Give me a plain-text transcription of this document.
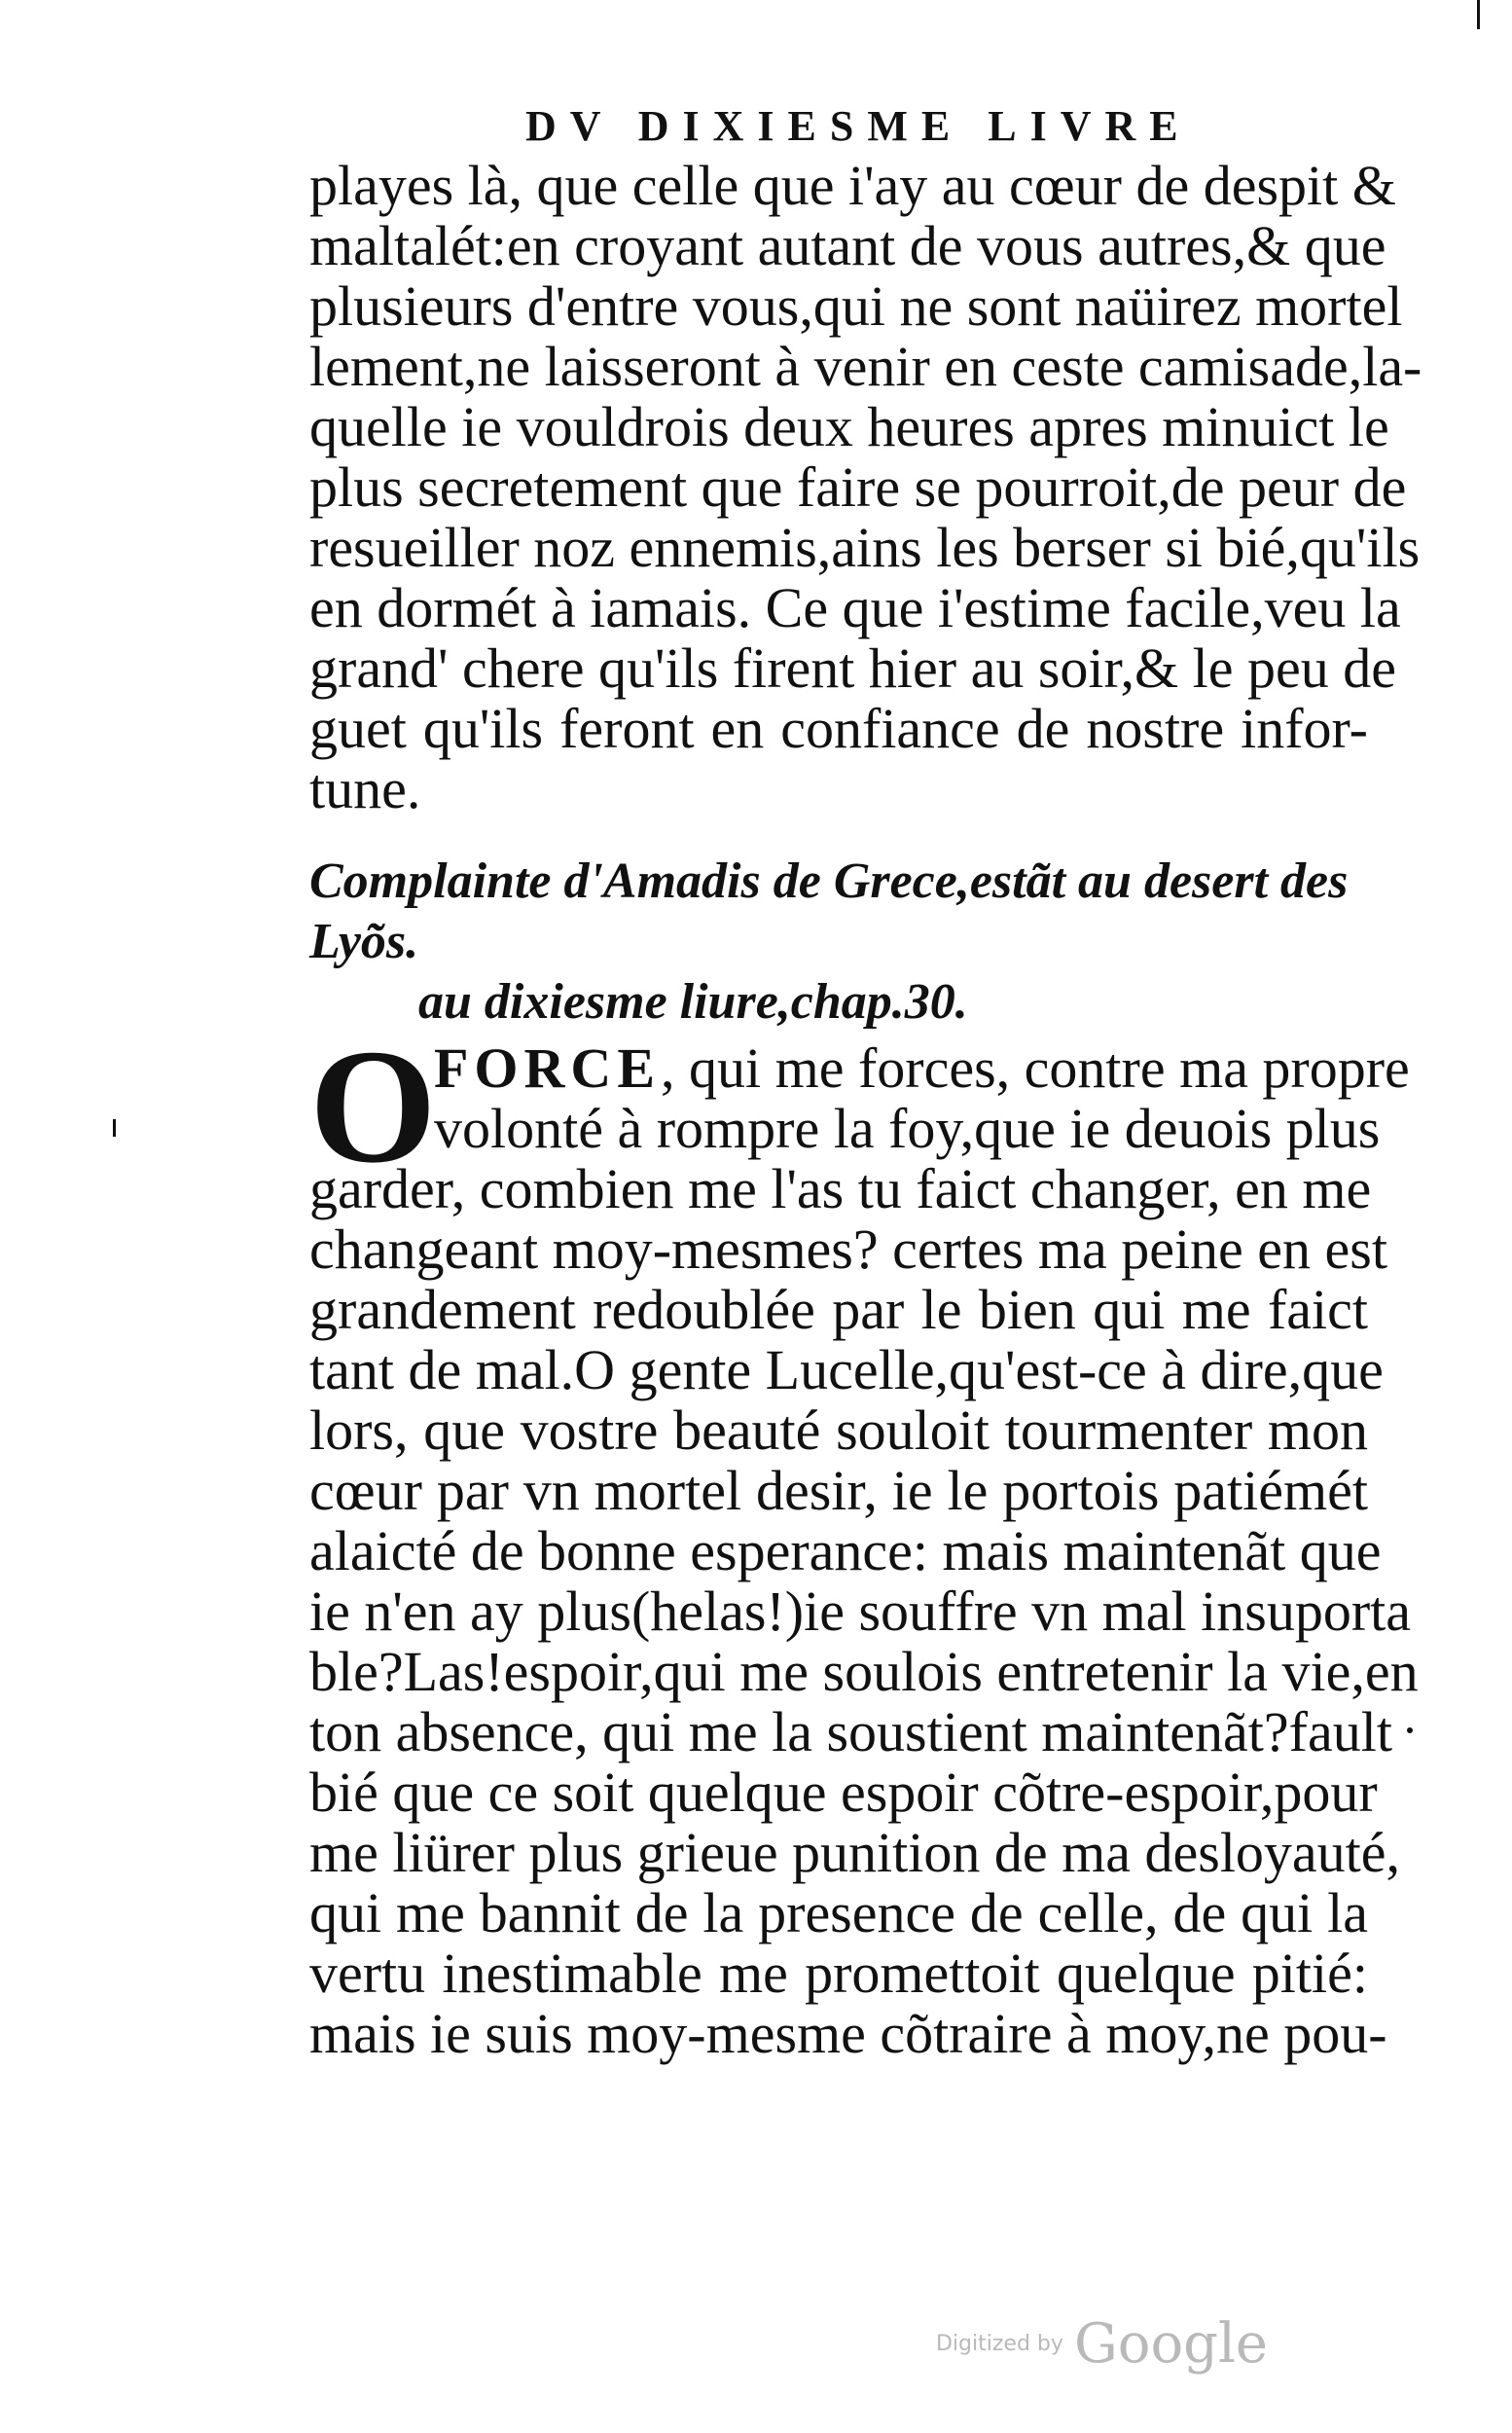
DV DIXIESME LIVRE
playes là, que celle que i'ay au cœur de despit &
maltalét:en croyant autant de vous autres,& que
plusieurs d'entre vous,qui ne sont naüirez mortel
lement,ne laisseront à venir en ceste camisade,la-
quelle ie vouldrois deux heures apres minuict le
plus secretement que faire se pourroit,de peur de
resueiller noz ennemis,ains les berser si bié,qu'ils
en dormét à iamais. Ce que i'estime facile,veu la
grand' chere qu'ils firent hier au soir,& le peu de
guet qu'ils feront en confiance de nostre infor-
tune.
Complainte d'Amadis de Grece,estãt au desert des Lyõs.
au dixiesme liure,chap.30.
O
FORCE, qui me forces, contre ma propre
volonté à rompre la foy,que ie deuois plus
garder, combien me l'as tu faict changer, en me
changeant moy-mesmes? certes ma peine en est
grandement redoublée par le bien qui me faict
tant de mal.O gente Lucelle,qu'est-ce à dire,que
lors, que vostre beauté souloit tourmenter mon
cœur par vn mortel desir, ie le portois patiémét
alaicté de bonne esperance: mais maintenãt que
ie n'en ay plus(helas!)ie souffre vn mal insuporta
ble?Las!espoir,qui me soulois entretenir la vie,en
ton absence, qui me la soustient maintenãt?fault
bié que ce soit quelque espoir cõtre-espoir,pour
me liürer plus grieue punition de ma desloyauté,
qui me bannit de la presence de celle, de qui la
vertu inestimable me promettoit quelque pitié:
mais ie suis moy-mesme cõtraire à moy,ne pou-
Digitized by Google
